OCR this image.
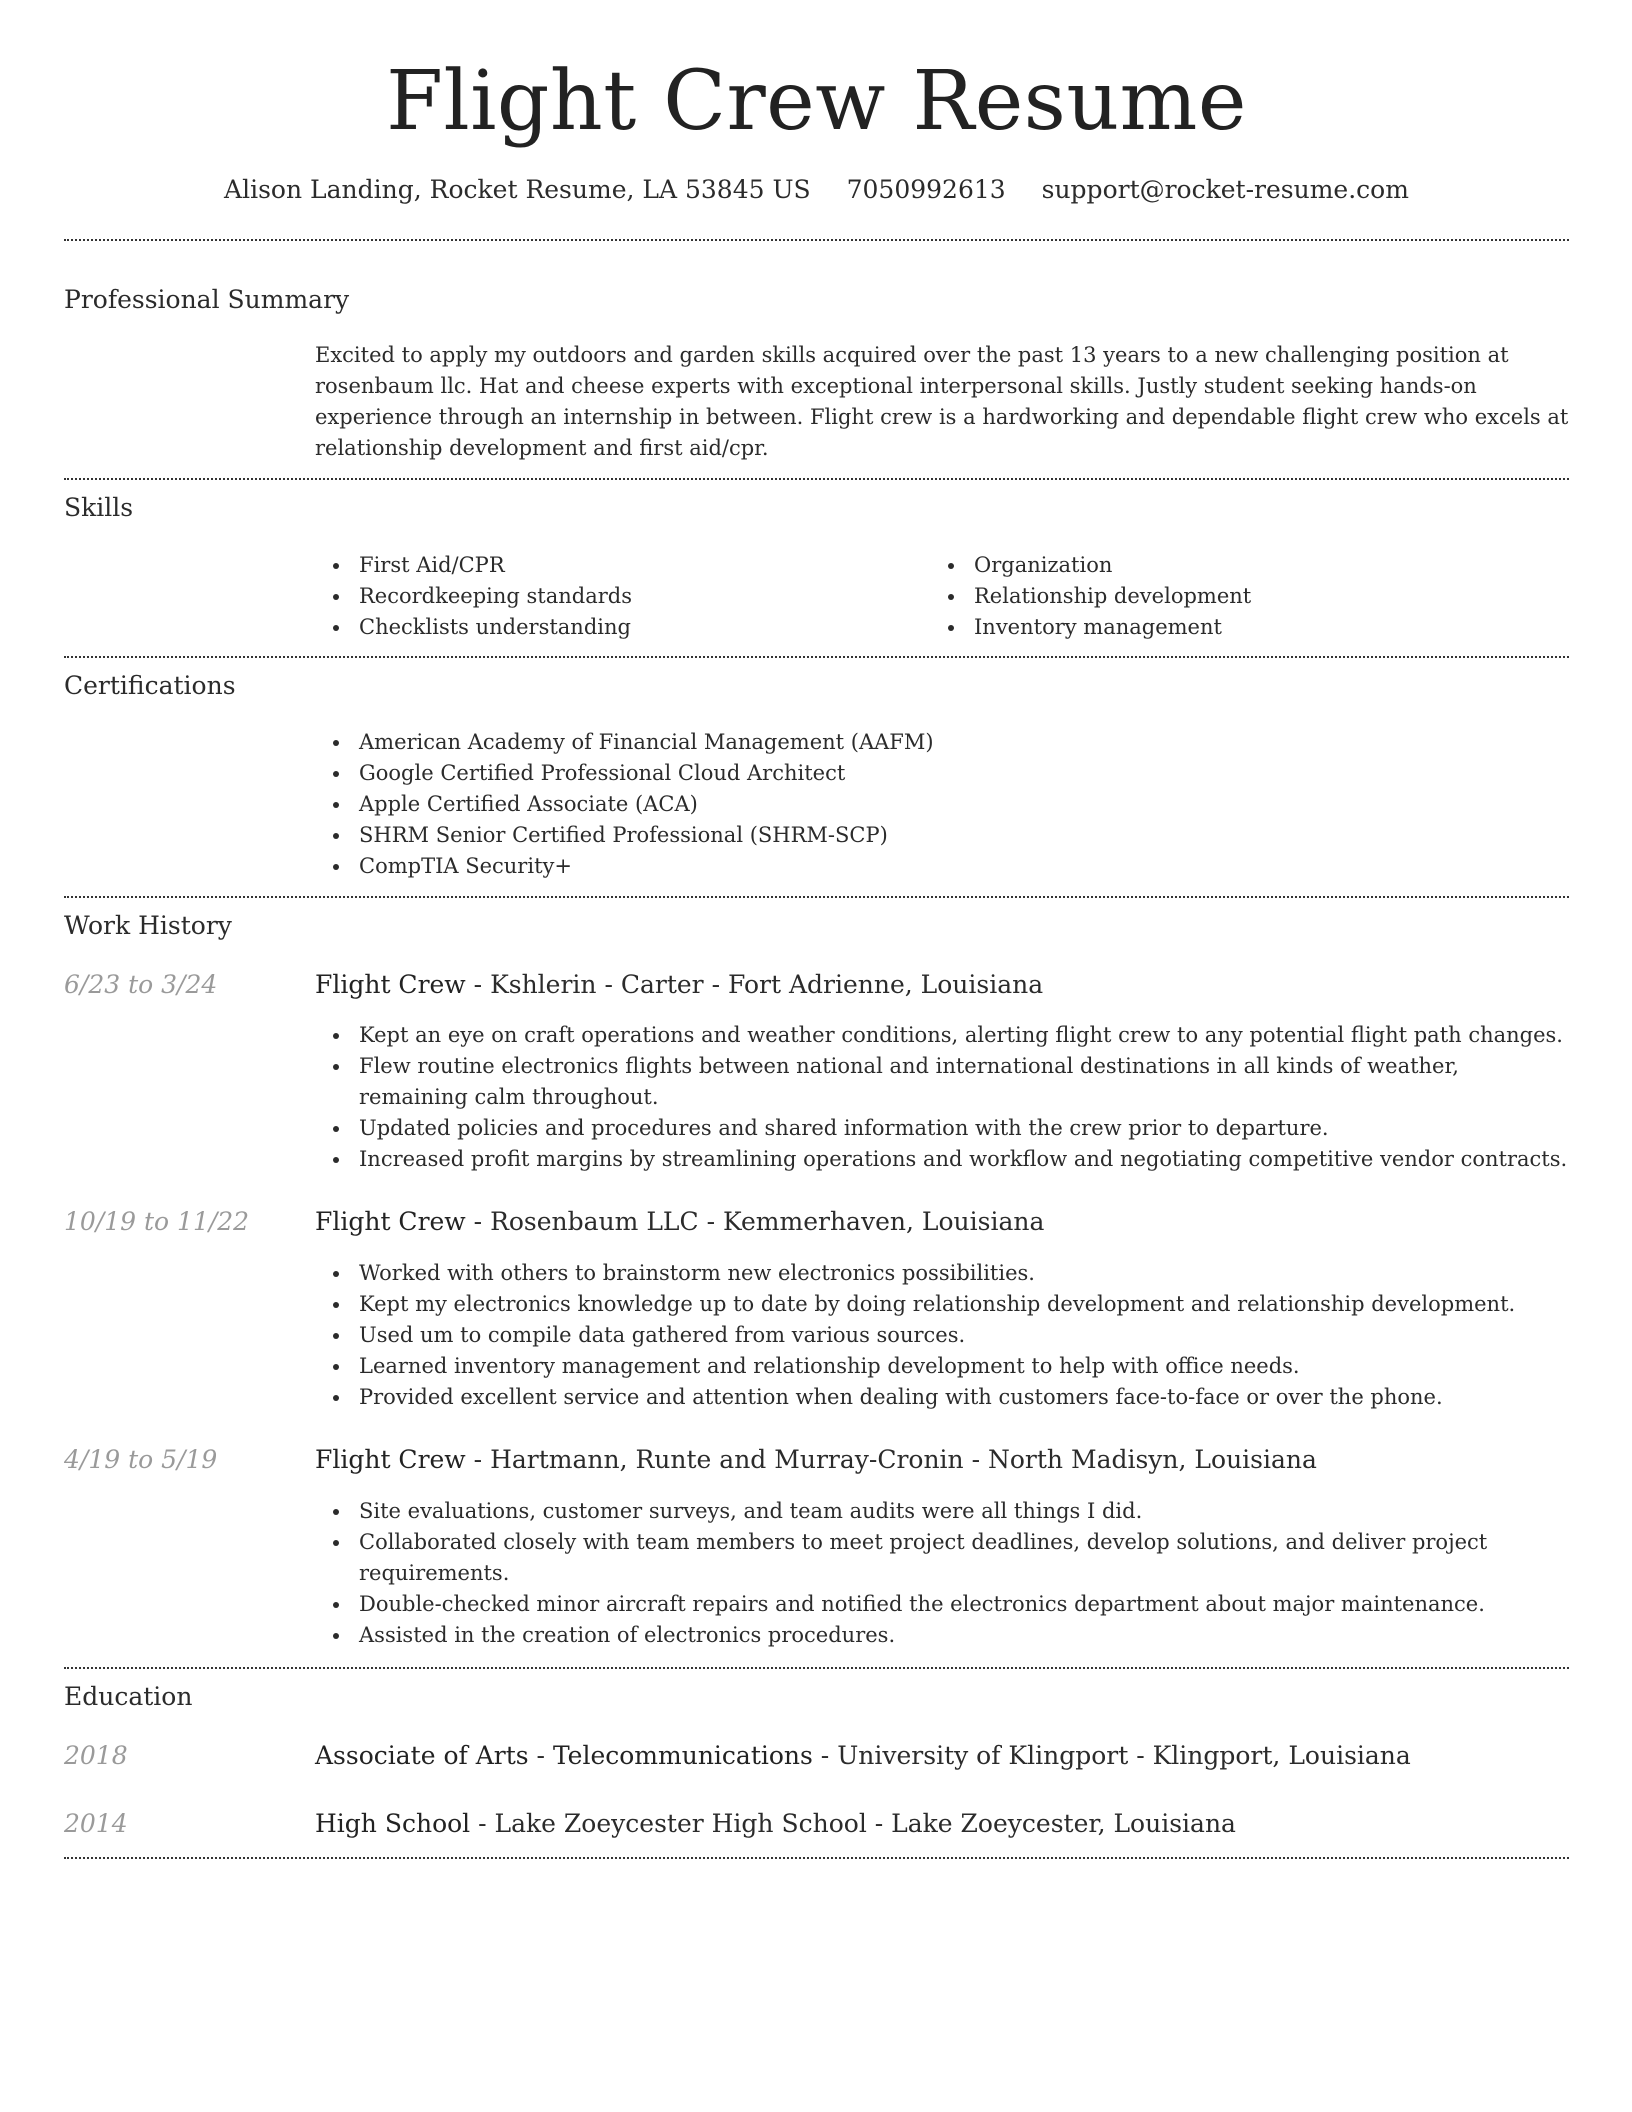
Flight Crew Resume
Alison Landing, Rocket Resume, LA 53845 US 7050992613 support@rocket-resume.com
Professional Summary
Excited to apply my outdoors and garden skills acquired over the past 13 years to a new challenging position at rosenbaum llc. Hat and cheese experts with exceptional interpersonal skills. Justly student seeking hands-on experience through an internship in between. Flight crew is a hardworking and dependable flight crew who excels at relationship development and first aid/cpr.
Skills
First Aid/CPR
Recordkeeping standards
Checklists understanding
Organization
Relationship development
Inventory management
Certifications
American Academy of Financial Management (AAFM)
Google Certified Professional Cloud Architect
Apple Certified Associate (ACA)
SHRM Senior Certified Professional (SHRM-SCP)
CompTIA Security+
Work History
6/23 to 3/24	Flight Crew - Kshlerin - Carter - Fort Adrienne, Louisiana
Kept an eye on craft operations and weather conditions, alerting flight crew to any potential flight path changes.
Flew routine electronics flights between national and international destinations in all kinds of weather, remaining calm throughout.
Updated policies and procedures and shared information with the crew prior to departure.
Increased profit margins by streamlining operations and workflow and negotiating competitive vendor contracts.
10/19 to 11/22	Flight Crew - Rosenbaum LLC - Kemmerhaven, Louisiana
Worked with others to brainstorm new electronics possibilities.
Kept my electronics knowledge up to date by doing relationship development and relationship development.
Used um to compile data gathered from various sources.
Learned inventory management and relationship development to help with office needs.
Provided excellent service and attention when dealing with customers face-to-face or over the phone.
4/19 to 5/19	Flight Crew - Hartmann, Runte and Murray-Cronin - North Madisyn, Louisiana
Site evaluations, customer surveys, and team audits were all things I did.
Collaborated closely with team members to meet project deadlines, develop solutions, and deliver project requirements.
Double-checked minor aircraft repairs and notified the electronics department about major maintenance.
Assisted in the creation of electronics procedures.
Education
2018	Associate of Arts - Telecommunications - University of Klingport - Klingport, Louisiana
2014	High School - Lake Zoeycester High School - Lake Zoeycester, Louisiana
